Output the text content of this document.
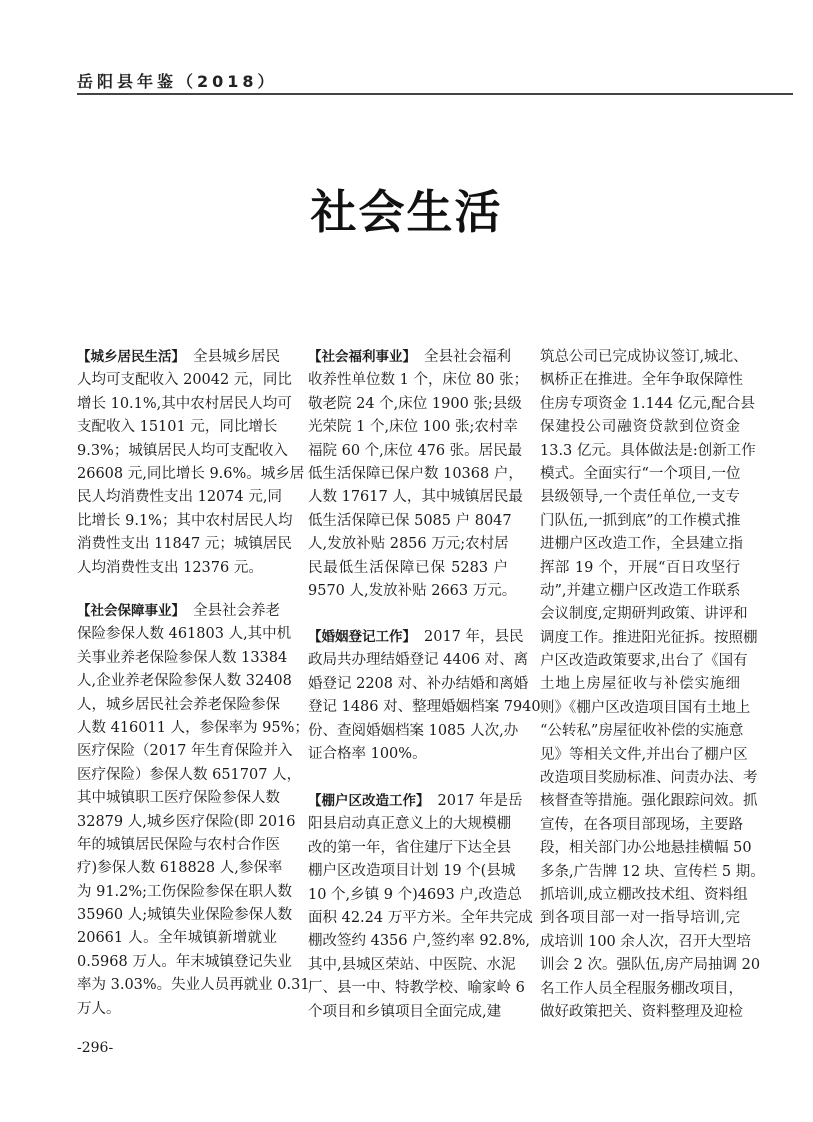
岳阳县年鉴（2018）
社会生活
【城乡居民生活】 全县城乡居民
人均可支配收入 20042 元，同比
增长 10.1%,其中农村居民人均可
支配收入 15101 元，同比增长
9.3%；城镇居民人均可支配收入
26608 元,同比增长 9.6%。城乡居
民人均消费性支出 12074 元,同
比增长 9.1%；其中农村居民人均
消费性支出 11847 元；城镇居民
人均消费性支出 12376 元。
【社会保障事业】 全县社会养老
保险参保人数 461803 人,其中机
关事业养老保险参保人数 13384
人,企业养老保险参保人数 32408
人，城乡居民社会养老保险参保
人数 416011 人，参保率为 95%；
医疗保险（2017 年生育保险并入
医疗保险）参保人数 651707 人，
其中城镇职工医疗保险参保人数
32879 人,城乡医疗保险(即 2016
年的城镇居民保险与农村合作医
疗)参保人数 618828 人,参保率
为 91.2%;工伤保险参保在职人数
35960 人;城镇失业保险参保人数
20661 人。全年城镇新增就业
0.5968 万人。年末城镇登记失业
率为 3.03%。失业人员再就业 0.31
万人。
【社会福利事业】 全县社会福利
收养性单位数 1 个，床位 80 张；
敬老院 24 个,床位 1900 张;县级
光荣院 1 个,床位 100 张;农村幸
福院 60 个,床位 476 张。居民最
低生活保障已保户数 10368 户，
人数 17617 人，其中城镇居民最
低生活保障已保 5085 户 8047
人,发放补贴 2856 万元;农村居
民最低生活保障已保 5283 户
9570 人,发放补贴 2663 万元。
【婚姻登记工作】 2017 年，县民
政局共办理结婚登记 4406 对、离
婚登记 2208 对、补办结婚和离婚
登记 1486 对、整理婚姻档案 7940
份、查阅婚姻档案 1085 人次,办
证合格率 100%。
【棚户区改造工作】 2017 年是岳
阳县启动真正意义上的大规模棚
改的第一年，省住建厅下达全县
棚户区改造项目计划 19 个(县城
10 个,乡镇 9 个)4693 户,改造总
面积 42.24 万平方米。全年共完成
棚改签约 4356 户,签约率 92.8%,
其中,县城区荣站、中医院、水泥
厂、县一中、特教学校、喻家岭 6
个项目和乡镇项目全面完成,建
筑总公司已完成协议签订,城北、
枫桥正在推进。全年争取保障性
住房专项资金 1.144 亿元,配合县
保建投公司融资贷款到位资金
13.3 亿元。具体做法是:创新工作
模式。全面实行“一个项目,一位
县级领导,一个责任单位,一支专
门队伍,一抓到底”的工作模式推
进棚户区改造工作，全县建立指
挥部 19 个，开展“百日攻坚行
动”,并建立棚户区改造工作联系
会议制度,定期研判政策、讲评和
调度工作。推进阳光征拆。按照棚
户区改造政策要求,出台了《国有
土地上房屋征收与补偿实施细
则》《棚户区改造项目国有土地上
“公转私”房屋征收补偿的实施意
见》等相关文件,并出台了棚户区
改造项目奖励标准、问责办法、考
核督查等措施。强化跟踪问效。抓
宣传，在各项目部现场，主要路
段，相关部门办公地悬挂横幅 50
多条,广告牌 12 块、宣传栏 5 期。
抓培训,成立棚改技术组、资料组
到各项目部一对一指导培训,完
成培训 100 余人次，召开大型培
训会 2 次。强队伍,房产局抽调 20
名工作人员全程服务棚改项目，
做好政策把关、资料整理及迎检
-296-
